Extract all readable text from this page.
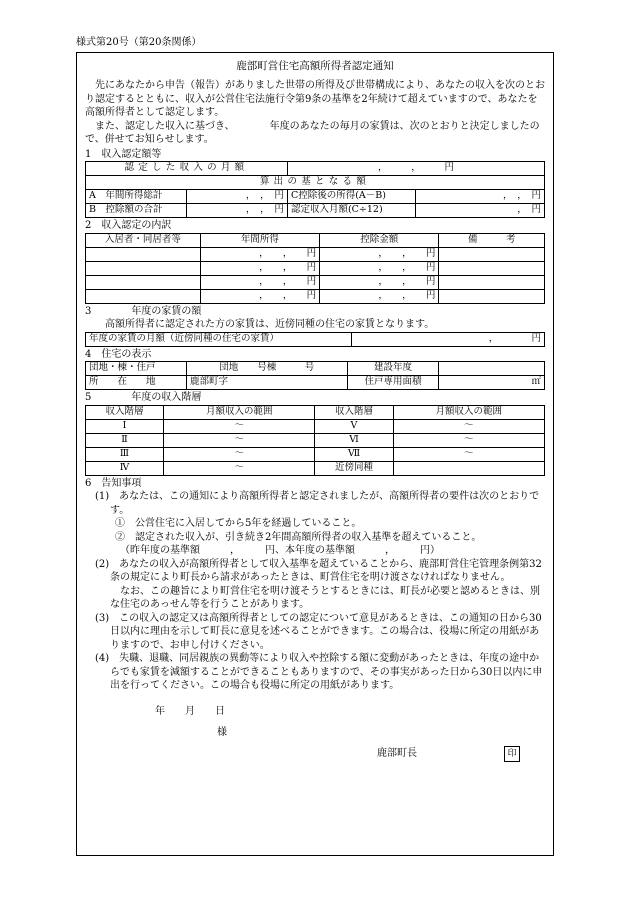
様式第20号（第20条関係）
鹿部町営住宅高額所得者認定通知

先にあなたから申告（報告）がありました世帯の所得及び世帯構成により、あなたの収入を次のとおり認定するとともに、収入が公営住宅法施行令第9条の基準を2年続けて超えていますので、あなたを高額所得者として認定します。

また、認定した収入に基づき、　　　　年度のあなたの毎月の家賃は、次のとおりと決定しましたので、併せてお知らせします。

1　収入認定額等
認定した収入の月額		，　　　，　　　円	
算出の基となる額			
A　年間所得総計	，　，　円	C控除後の所得(A－B)	，　，　円
B　控除額の合計	，　，　円	認定収入月額(C÷12)	，　円
2　収入認定の内訳
入居者・同居者等	年間所得	控除金額	備　　　考
	，　　，　　円	，　　，　　円	
	，　　，　　円	，　　，　　円	
	，　　，　　円	，　　，　　円	
	，　　，　　円	，　　，　　円	
3　　　　年度の家賃の額

高額所得者に認定された方の家賃は、近傍同種の住宅の家賃となります。

年度の家賃の月額（近傍同種の住宅の家賃）	，　　　　円
4　住宅の表示
団地・棟・住戸	団地　　号棟　　　号	建設年度	
所　　在　　地	鹿部町字	住戸専用面積	㎡
5　　　　年度の収入階層
収入階層	月額収入の範囲	収入階層	月額収入の範囲
Ⅰ	～	Ⅴ	～
Ⅱ	～	Ⅵ	～
Ⅲ	～	Ⅶ	～
Ⅳ	～	近傍同種	
6　告知事項

(1)　あなたは、この通知により高額所得者と認定されましたが、高額所得者の要件は次のとおりです。

①　公営住宅に入居してから5年を経過していること。

②　認定された収入が、引き続き2年間高額所得者の収入基準を超えていること。

（昨年度の基準額　　　，　　　円、本年度の基準額　　　，　　　円）

(2)　あなたの収入が高額所得者として収入基準を超えていることから、鹿部町営住宅管理条例第32条の規定により町長から請求があったときは、町営住宅を明け渡さなければなりません。

なお、この趣旨により町営住宅を明け渡そうとするときには、町長が必要と認めるときは、別な住宅のあっせん等を行うことがあります。

(3)　この収入の認定又は高額所得者としての認定について意見があるときは、この通知の日から30日以内に理由を示して町長に意見を述べることができます。この場合は、役場に所定の用紙がありますので、お申し付けください。

(4)　失職、退職、同居親族の異動等により収入や控除する額に変動があったときは、年度の途中からでも家賃を減額することができることもありますので、その事実があった日から30日以内に申出を行ってください。この場合も役場に所定の用紙があります。

年　　月　　日
様
鹿部町長	印
